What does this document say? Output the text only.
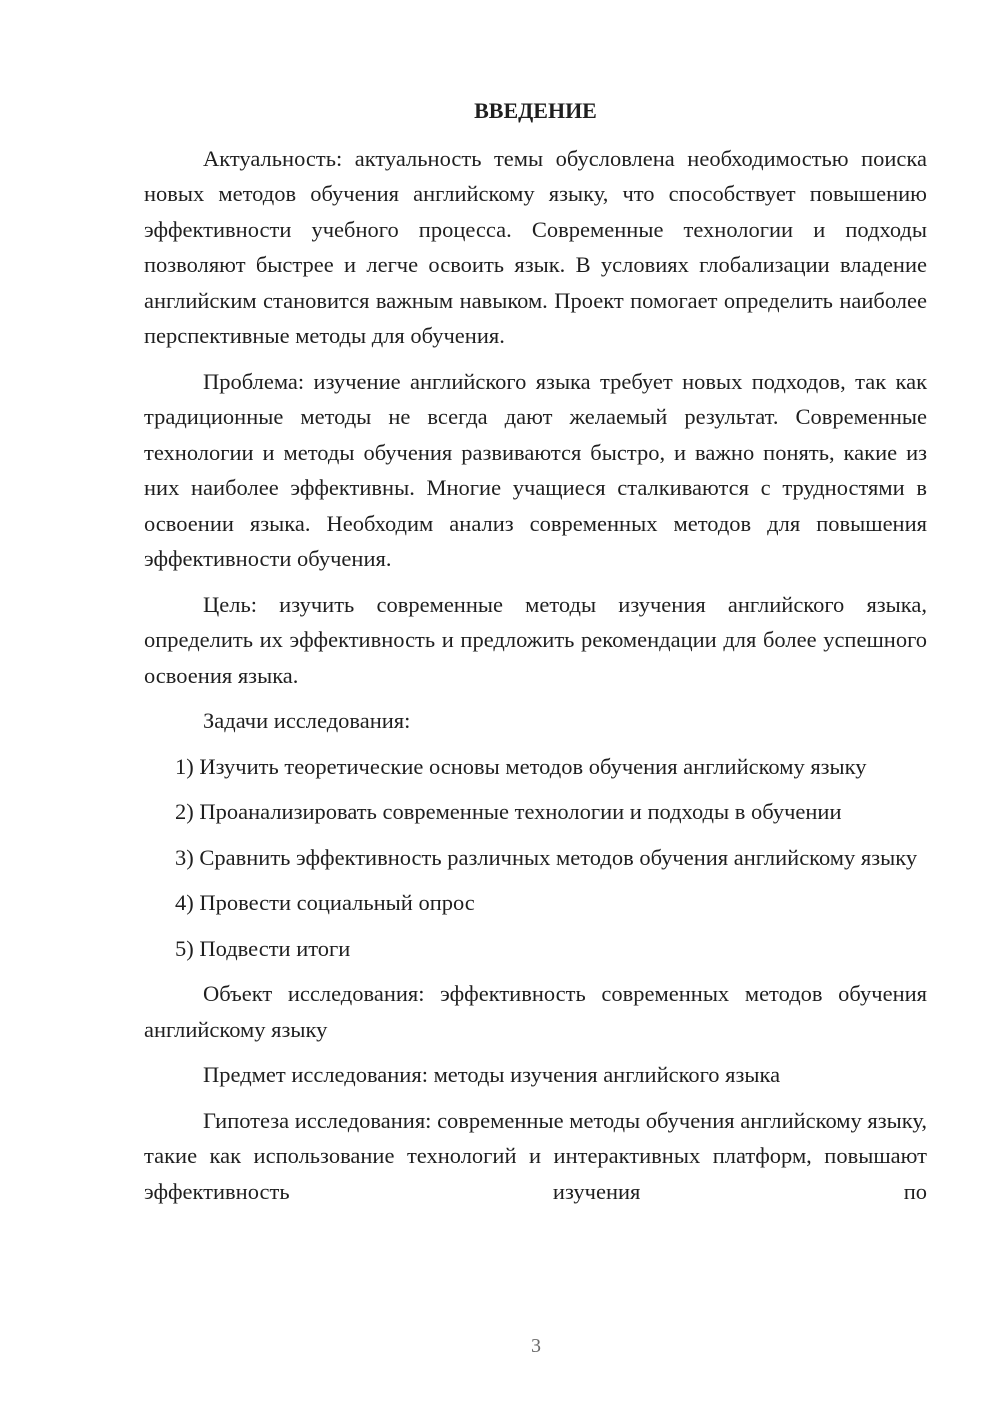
ВВЕДЕНИЕ

Актуальность: актуальность темы обусловлена необходимостью поиска новых методов обучения английскому языку, что способствует повышению эффективности учебного процесса. Современные технологии и подходы позволяют быстрее и легче освоить язык. В условиях глобализации владение английским становится важным навыком. Проект помогает определить наиболее перспективные методы для обучения.

Проблема: изучение английского языка требует новых подходов, так как традиционные методы не всегда дают желаемый результат. Современные технологии и методы обучения развиваются быстро, и важно понять, какие из них наиболее эффективны. Многие учащиеся сталкиваются с трудностями в освоении языка. Необходим анализ современных методов для повышения эффективности обучения.

Цель: изучить современные методы изучения английского языка, определить их эффективность и предложить рекомендации для более успешного освоения языка.

Задачи исследования:

1) Изучить теоретические основы методов обучения английскому языку

2) Проанализировать современные технологии и подходы в обучении

3) Сравнить эффективность различных методов обучения английскому языку

4) Провести социальный опрос

5) Подвести итоги

Объект исследования: эффективность современных методов обучения английскому языку

Предмет исследования: методы изучения английского языка

Гипотеза исследования: современные методы обучения английскому языку, такие как использование технологий и интерактивных платформ, повышают эффективность изучения по

3
